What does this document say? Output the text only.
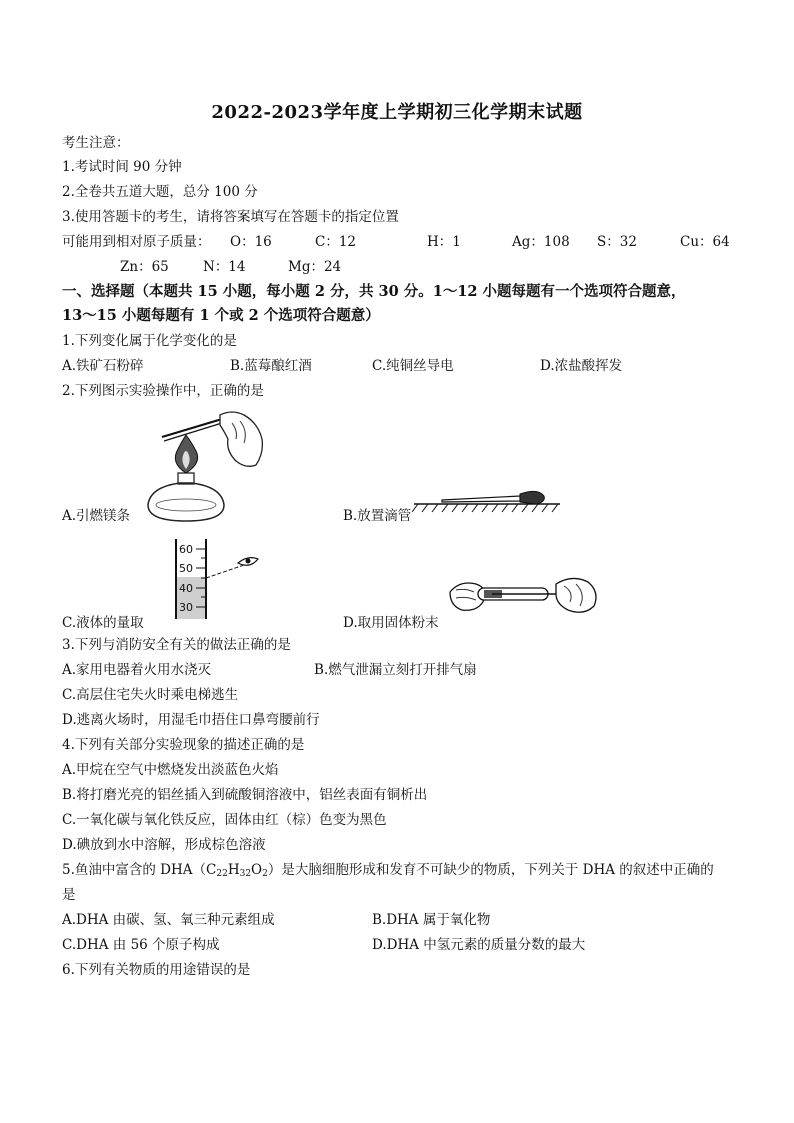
2022-2023学年度上学期初三化学期末试题
考生注意：
1.考试时间 90 分钟
2.全卷共五道大题，总分 100 分
3.使用答题卡的考生，请将答案填写在答题卡的指定位置
可能用到相对原子质量： O：16	C：12	H：1	Ag：108 S：32	Cu：64
Zn：65	N：14	Mg：24
一、选择题（本题共 15 小题，每小题 2 分，共 30 分。1～12 小题每题有一个选项符合题意，
13～15 小题每题有 1 个或 2 个选项符合题意）
1.下列变化属于化学变化的是
A.铁矿石粉碎	B.蓝莓酿红酒	C.纯铜丝导电	D.浓盐酸挥发
2.下列图示实验操作中，正确的是
A.引燃镁条	B.放置滴管
60
50
40
30
C.液体的量取	D.取用固体粉末
3.下列与消防安全有关的做法正确的是
A.家用电器着火用水浇灭	B.燃气泄漏立刻打开排气扇
C.高层住宅失火时乘电梯逃生
D.逃离火场时，用湿毛巾捂住口鼻弯腰前行
4.下列有关部分实验现象的描述正确的是
A.甲烷在空气中燃烧发出淡蓝色火焰
B.将打磨光亮的铝丝插入到硫酸铜溶液中，铝丝表面有铜析出
C.一氧化碳与氧化铁反应，固体由红（棕）色变为黑色
D.碘放到水中溶解，形成棕色溶液
5.鱼油中富含的 $DHA(C_{22}H_{32}O_2)$是大脑细胞形成和发育不可缺少的物质，下列关于 DHA 的叙述中正确的
是
A.DHA 由碳、氢、氧三种元素组成	B.DHA 属于氧化物
C.DHA 由 56 个原子构成	D.DHA 中氢元素的质量分数的最大
6.下列有关物质的用途错误的是
